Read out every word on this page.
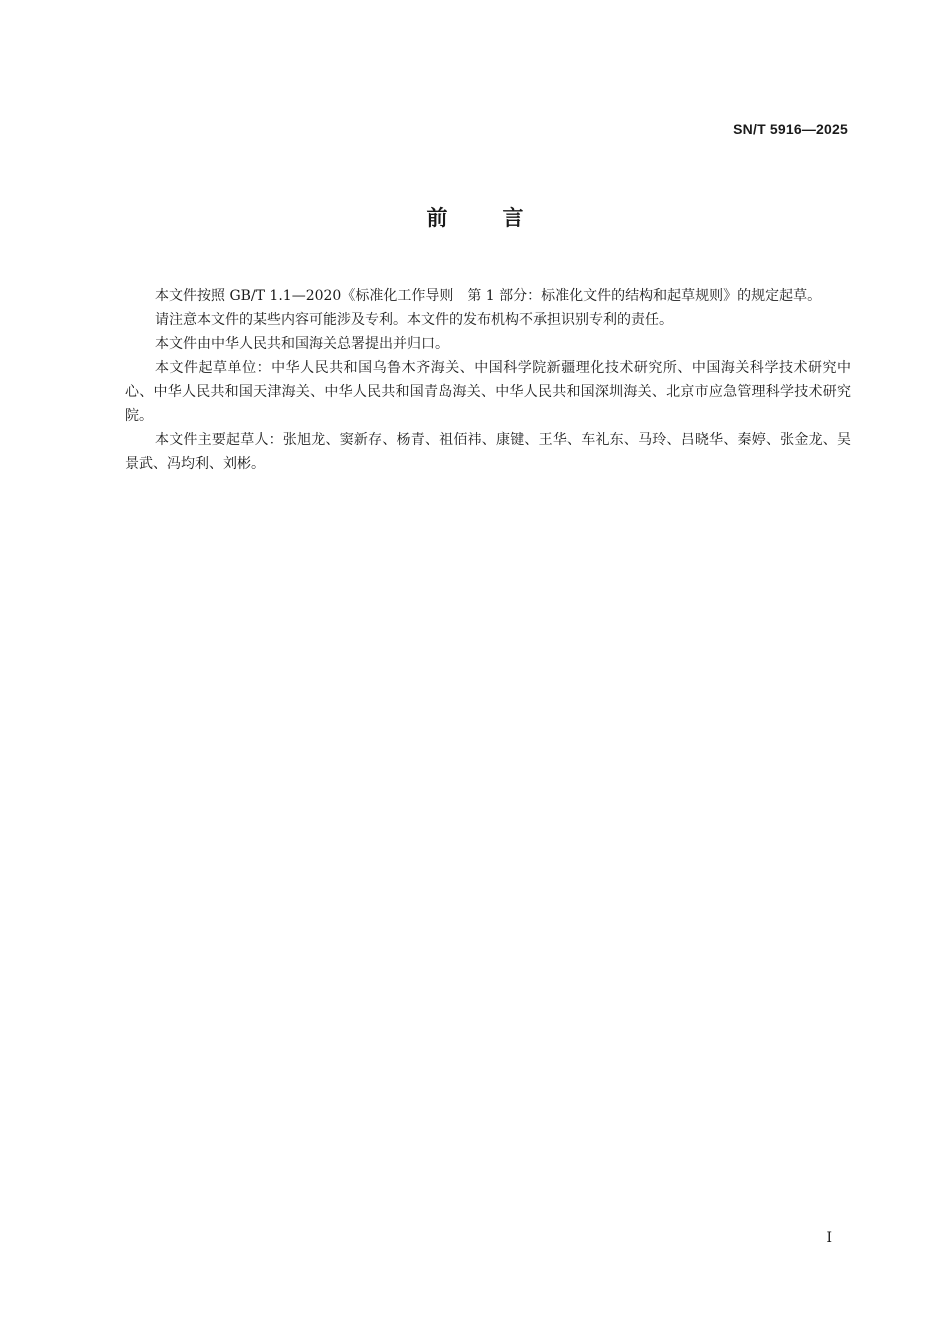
SN/T 5916—2025
前言

本文件按照 GB/T 1.1—2020《标准化工作导则　第 1 部分：标准化文件的结构和起草规则》的规定起草。

请注意本文件的某些内容可能涉及专利。本文件的发布机构不承担识别专利的责任。

本文件由中华人民共和国海关总署提出并归口。

本文件起草单位：中华人民共和国乌鲁木齐海关、中国科学院新疆理化技术研究所、中国海关科学技术研究中心、中华人民共和国天津海关、中华人民共和国青岛海关、中华人民共和国深圳海关、北京市应急管理科学技术研究院。

本文件主要起草人：张旭龙、窦新存、杨青、祖佰祎、康键、王华、车礼东、马玲、吕晓华、秦婷、张金龙、吴景武、冯均利、刘彬。

I
